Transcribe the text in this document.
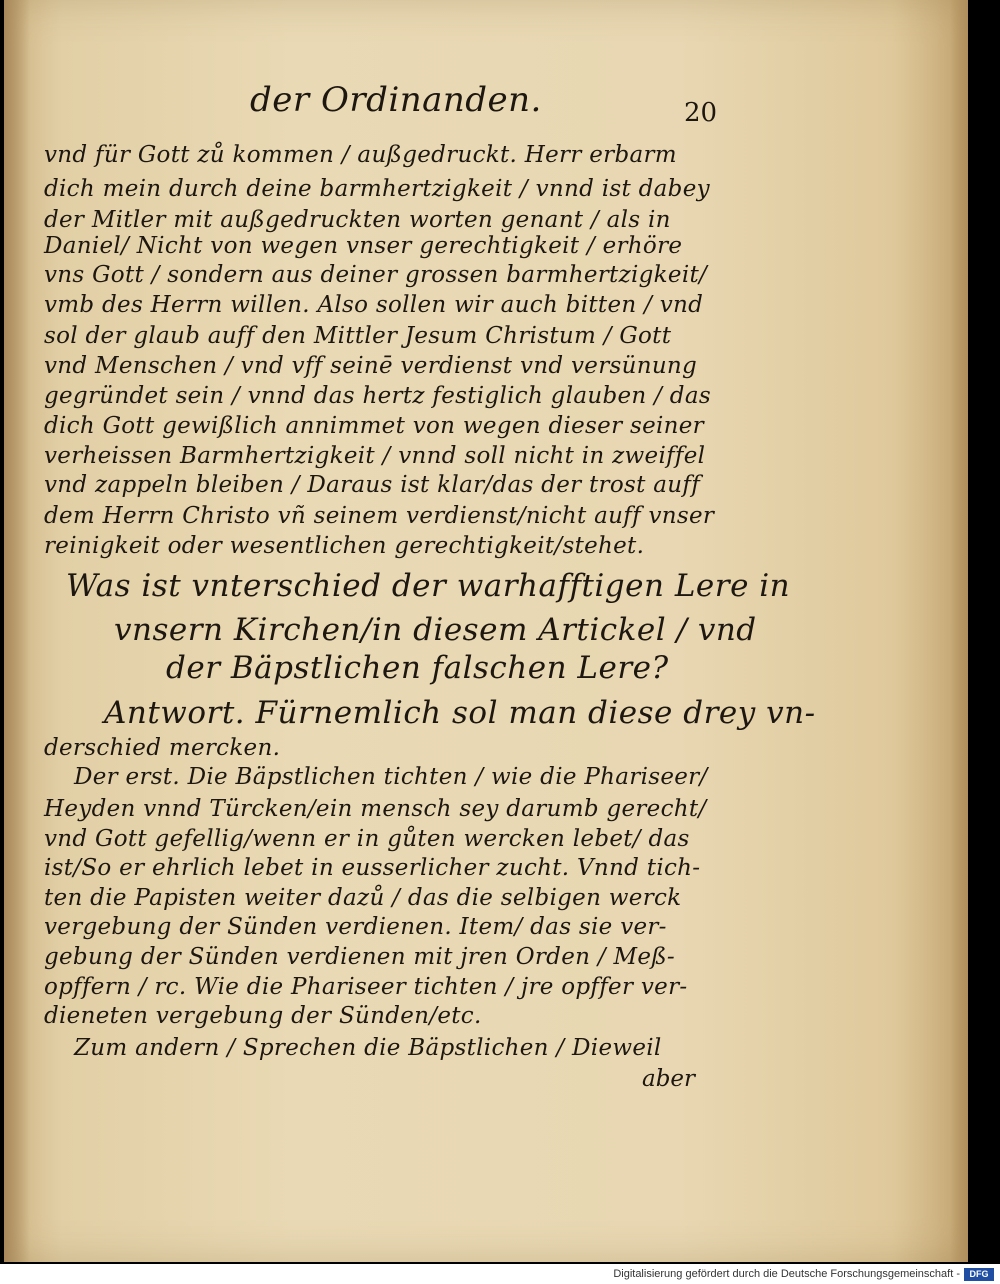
der Ordinanden.	20
vnd für Gott zů kommen / außgedruckt. Herr erbarm
dich mein durch deine barmhertzigkeit / vnnd ist dabey
der Mitler mit außgedruckten worten genant / als in
Daniel/ Nicht von wegen vnser gerechtigkeit / erhöre
vns Gott / sondern aus deiner grossen barmhertzigkeit/
vmb des Herrn willen. Also sollen wir auch bitten / vnd
sol der glaub auff den Mittler Jesum Christum / Gott
vnd Menschen / vnd vff seinē verdienst vnd versünung
gegründet sein / vnnd das hertz festiglich glauben / das
dich Gott gewißlich annimmet von wegen dieser seiner
verheissen Barmhertzigkeit / vnnd soll nicht in zweiffel
vnd zappeln bleiben / Daraus ist klar/das der trost auff
dem Herrn Christo vñ seinem verdienst/nicht auff vnser
reinigkeit oder wesentlichen gerechtigkeit/stehet.
Was ist vnterschied der warhafftigen Lere in
vnsern Kirchen/in diesem Artickel / vnd
der Bäpstlichen falschen Lere?
Antwort. Fürnemlich sol man diese drey vn-
derschied mercken.
Der erst. Die Bäpstlichen tichten / wie die Phariseer/
Heyden vnnd Türcken/ein mensch sey darumb gerecht/
vnd Gott gefellig/wenn er in gůten wercken lebet/ das
ist/So er ehrlich lebet in eusserlicher zucht. Vnnd tich-
ten die Papisten weiter dazů / das die selbigen werck
vergebung der Sünden verdienen. Item/ das sie ver-
gebung der Sünden verdienen mit jren Orden / Meß-
opffern / rc. Wie die Phariseer tichten / jre opffer ver-
dieneten vergebung der Sünden/etc.
Zum andern / Sprechen die Bäpstlichen / Dieweil
aber
Digitalisierung gefördert durch die Deutsche Forschungsgemeinschaft -	DFG
